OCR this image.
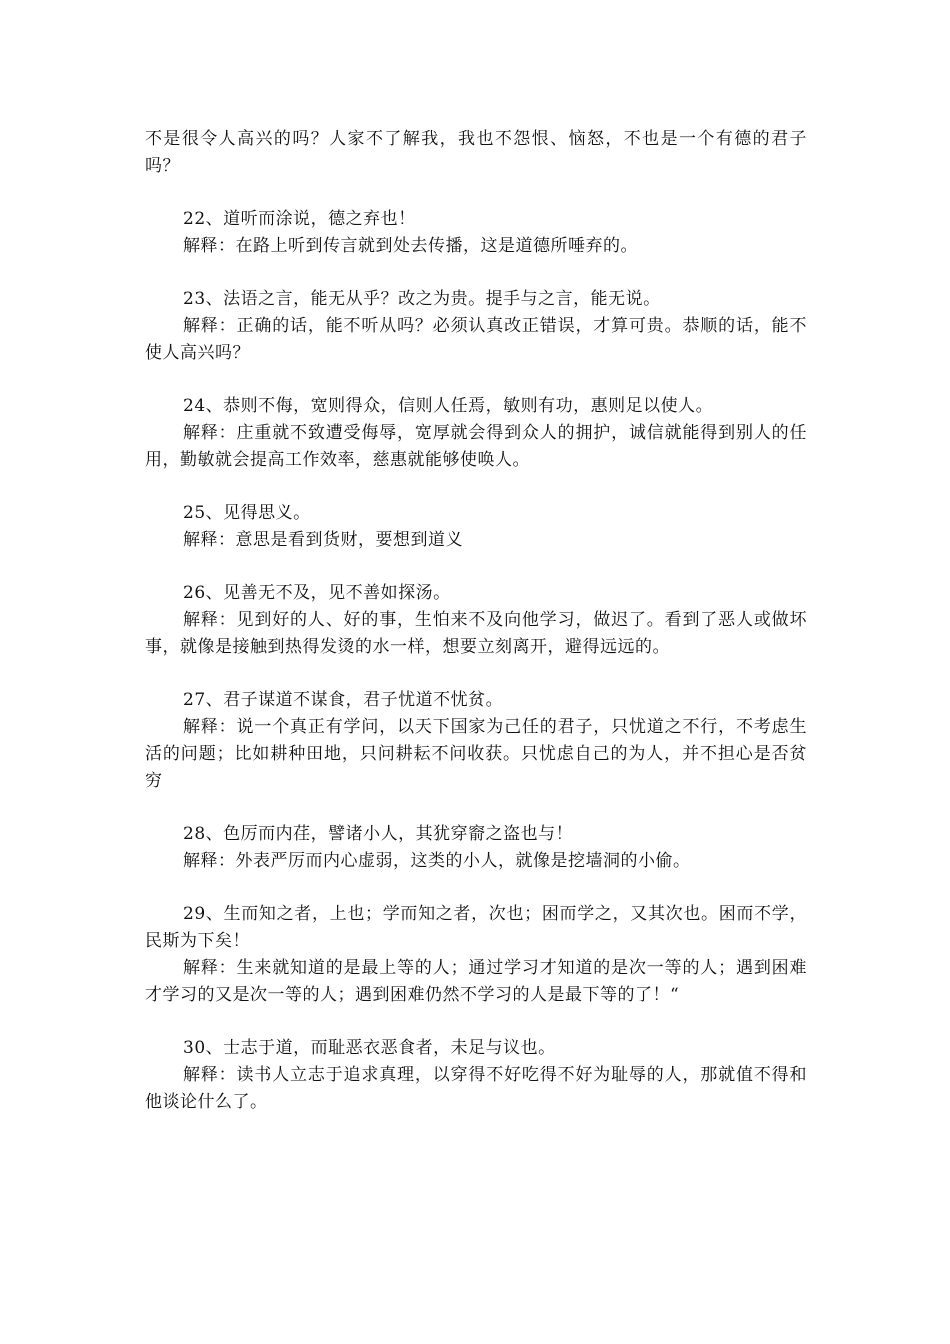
不是很令人高兴的吗？人家不了解我，我也不怨恨、恼怒，不也是一个有德的君子吗？

22、道听而涂说，德之弃也！

解释：在路上听到传言就到处去传播，这是道德所唾弃的。

23、法语之言，能无从乎？改之为贵。提手与之言，能无说。

解释：正确的话，能不听从吗？必须认真改正错误，才算可贵。恭顺的话，能不使人高兴吗？

24、恭则不侮，宽则得众，信则人任焉，敏则有功，惠则足以使人。

解释：庄重就不致遭受侮辱，宽厚就会得到众人的拥护，诚信就能得到别人的任用，勤敏就会提高工作效率，慈惠就能够使唤人。

25、见得思义。

解释：意思是看到货财，要想到道义

26、见善无不及，见不善如探汤。

解释：见到好的人、好的事，生怕来不及向他学习，做迟了。看到了恶人或做坏事，就像是接触到热得发烫的水一样，想要立刻离开，避得远远的。

27、君子谋道不谋食，君子忧道不忧贫。

解释：说一个真正有学问，以天下国家为己任的君子，只忧道之不行，不考虑生活的问题；比如耕种田地，只问耕耘不问收获。只忧虑自己的为人，并不担心是否贫穷

28、色厉而内荏，譬诸小人，其犹穿窬之盗也与！

解释：外表严厉而内心虚弱，这类的小人，就像是挖墙洞的小偷。

29、生而知之者，上也；学而知之者，次也；困而学之，又其次也。困而不学，民斯为下矣！

解释：生来就知道的是最上等的人；通过学习才知道的是次一等的人；遇到困难才学习的又是次一等的人；遇到困难仍然不学习的人是最下等的了！“

30、士志于道，而耻恶衣恶食者，未足与议也。

解释：读书人立志于追求真理，以穿得不好吃得不好为耻辱的人，那就值不得和他谈论什么了。
